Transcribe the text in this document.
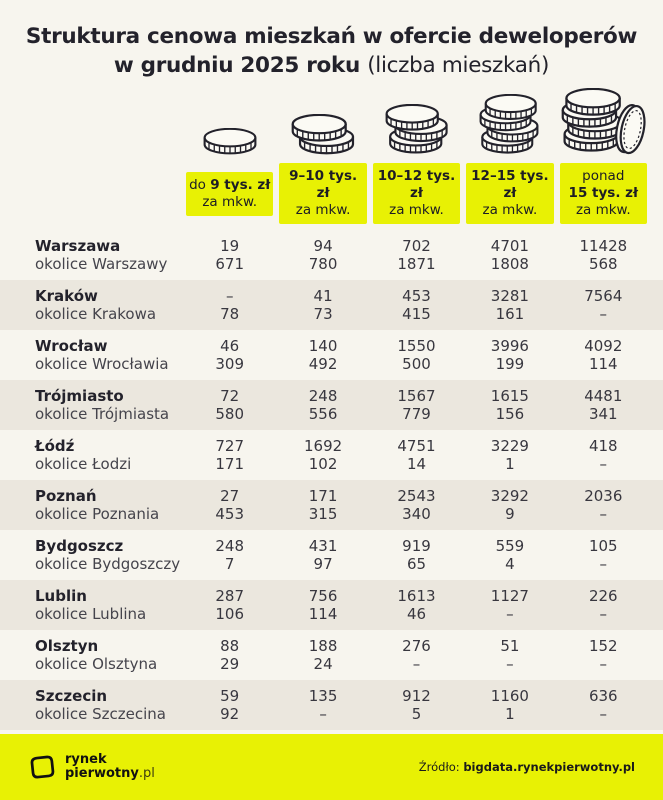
Struktura cenowa mieszkań w ofercie deweloperów
w grudniu 2025 roku (liczba mieszkań)
do 9 tys. zł
za mkw.
9–10 tys. zł
za mkw.
10–12 tys. zł
za mkw.
12–15 tys. zł
za mkw.
ponad
15 tys. zł
za mkw.
Warszawa	19	94	702	4701	11428
okolice Warszawy	671	780	1871	1808	568
Kraków	–	41	453	3281	7564
okolice Krakowa	78	73	415	161	–
Wrocław	46	140	1550	3996	4092
okolice Wrocławia	309	492	500	199	114
Trójmiasto	72	248	1567	1615	4481
okolice Trójmiasta	580	556	779	156	341
Łódź	727	1692	4751	3229	418
okolice Łodzi	171	102	14	1	–
Poznań	27	171	2543	3292	2036
okolice Poznania	453	315	340	9	–
Bydgoszcz	248	431	919	559	105
okolice Bydgoszczy	7	97	65	4	–
Lublin	287	756	1613	1127	226
okolice Lublina	106	114	46	–	–
Olsztyn	88	188	276	51	152
okolice Olsztyna	29	24	–	–	–
Szczecin	59	135	912	1160	636
okolice Szczecina	92	–	5	1	–
rynek
pierwotny.pl	Źródło: bigdata.rynekpierwotny.pl
